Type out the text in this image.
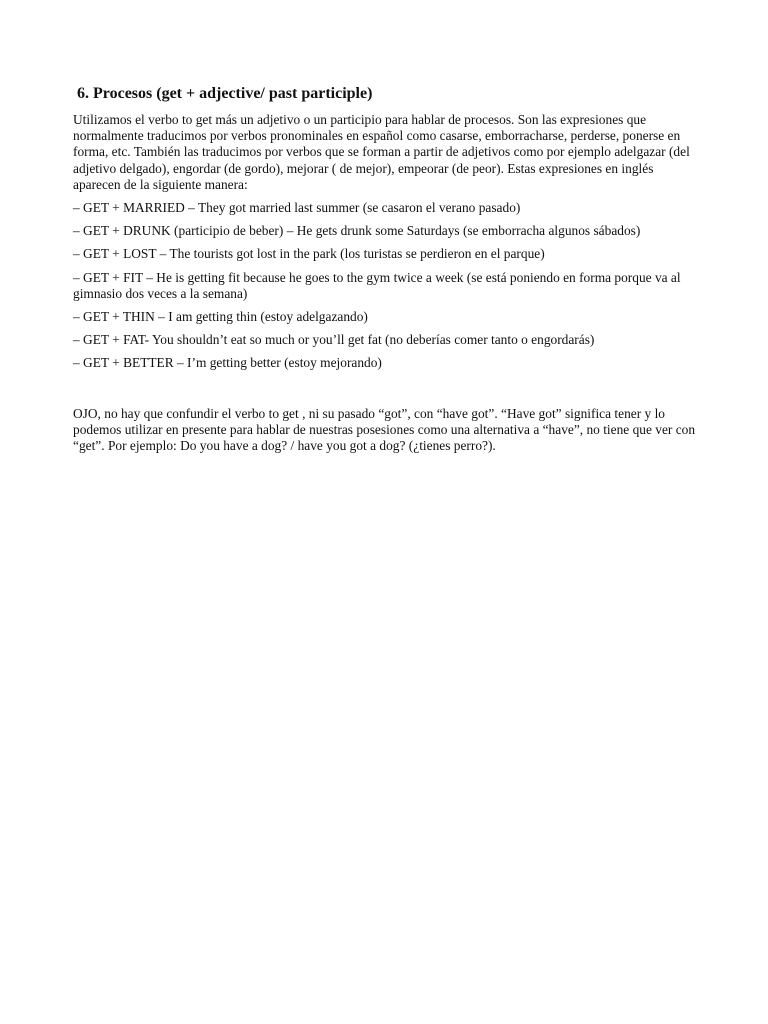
6. Procesos (get + adjective/ past participle)

Utilizamos el verbo to get más un adjetivo o un participio para hablar de procesos. Son las expresiones que normalmente traducimos por verbos pronominales en español como casarse, emborracharse, perderse, ponerse en forma, etc. También las traducimos por verbos que se forman a partir de adjetivos como por ejemplo adelgazar (del adjetivo delgado), engordar (de gordo), mejorar ( de mejor), empeorar (de peor). Estas expresiones en inglés aparecen de la siguiente manera:

– GET + MARRIED – They got married last summer (se casaron el verano pasado)

– GET + DRUNK (participio de beber) – He gets drunk some Saturdays (se emborracha algunos sábados)

– GET + LOST – The tourists got lost in the park (los turistas se perdieron en el parque)

– GET + FIT – He is getting fit because he goes to the gym twice a week (se está poniendo en forma porque va al gimnasio dos veces a la semana)

– GET + THIN – I am getting thin (estoy adelgazando)

– GET + FAT- You shouldn’t eat so much or you’ll get fat (no deberías comer tanto o engordarás)

– GET + BETTER – I’m getting better (estoy mejorando)

OJO, no hay que confundir el verbo to get , ni su pasado “got”, con “have got”. “Have got” significa tener y lo podemos utilizar en presente para hablar de nuestras posesiones como una alternativa a “have”, no tiene que ver con “get”. Por ejemplo: Do you have a dog? / have you got a dog? (¿tienes perro?).
